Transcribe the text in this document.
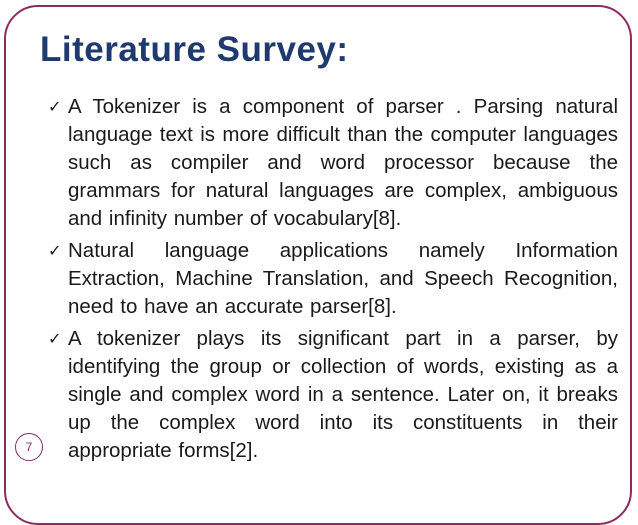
Literature Survey:
✓ A Tokenizer is a component of parser . Parsing natural language text is more difficult than the computer languages such as compiler and word processor because the grammars for natural languages are complex, ambiguous and infinity number of vocabulary[8].
✓ Natural language applications namely Information Extraction, Machine Translation, and Speech Recognition, need to have an accurate parser[8].
✓ A tokenizer plays its significant part in a parser, by identifying the group or collection of words, existing as a single and complex word in a sentence. Later on, it breaks up the complex word into its constituents in their appropriate forms[2].
7
